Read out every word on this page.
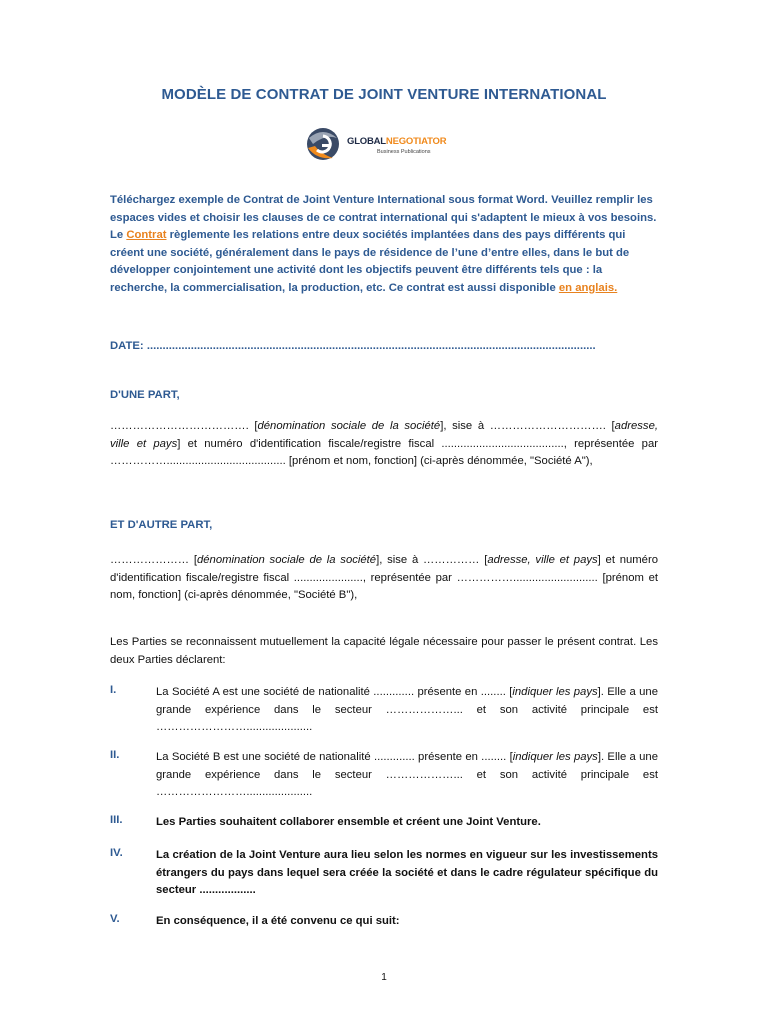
MODÈLE DE CONTRAT DE JOINT VENTURE INTERNATIONAL
GLOBALNEGOTIATOR
Business Publications
Téléchargez exemple de Contrat de Joint Venture International sous format Word. Veuillez remplir les espaces vides et choisir les clauses de ce contrat international qui s'adaptent le mieux à vos besoins. Le Contrat règlemente les relations entre deux sociétés implantées dans des pays différents qui créent une société, généralement dans le pays de résidence de l’une d’entre elles, dans le but de développer conjointement une activité dont les objectifs peuvent être différents tels que : la recherche, la commercialisation, la production, etc. Ce contrat est aussi disponible en anglais.
DATE: ...............................................................................................................................................
D'UNE PART,
………………………………. [dénomination sociale de la société], sise à …………………………. [adresse, ville et pays] et numéro d'identification fiscale/registre fiscal ......................................., représentée par ……………...................................... [prénom et nom, fonction] (ci-après dénommée, "Société A"),
ET D'AUTRE PART,
………………… [dénomination sociale de la société], sise à …………… [adresse, ville et pays] et numéro d'identification fiscale/registre fiscal ......................, représentée par ……………........................... [prénom et nom, fonction] (ci-après dénommée, "Société B"),
Les Parties se reconnaissent mutuellement la capacité légale nécessaire pour passer le présent contrat. Les deux Parties déclarent:
I.	La Société A est une société de nationalité ............. présente en ........ [indiquer les pays]. Elle a une grande expérience dans le secteur ………………... et son activité principale est …………………….....................
II.	La Société B est une société de nationalité ............. présente en ........ [indiquer les pays]. Elle a une grande expérience dans le secteur ………………... et son activité principale est …………………….....................
III.	Les Parties souhaitent collaborer ensemble et créent une Joint Venture.
IV.	La création de la Joint Venture aura lieu selon les normes en vigueur sur les investissements étrangers du pays dans lequel sera créée la société et dans le cadre régulateur spécifique du secteur ..................
V.	En conséquence, il a été convenu ce qui suit:
1
